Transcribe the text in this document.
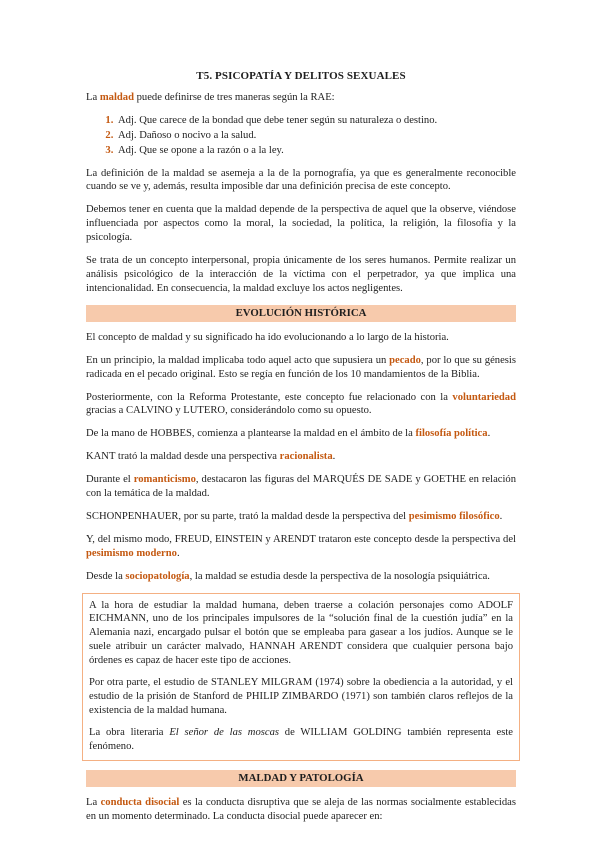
T5. PSICOPATÍA Y DELITOS SEXUALES

La maldad puede definirse de tres maneras según la RAE:

1. Adj. Que carece de la bondad que debe tener según su naturaleza o destino.
2. Adj. Dañoso o nocivo a la salud.
3. Adj. Que se opone a la razón o a la ley.

La definición de la maldad se asemeja a la de la pornografía, ya que es generalmente reconocible cuando se ve y, además, resulta imposible dar una definición precisa de este concepto.

Debemos tener en cuenta que la maldad depende de la perspectiva de aquel que la observe, viéndose influenciada por aspectos como la moral, la sociedad, la política, la religión, la filosofía y la psicología.

Se trata de un concepto interpersonal, propia únicamente de los seres humanos. Permite realizar un análisis psicológico de la interacción de la víctima con el perpetrador, ya que implica una intencionalidad. En consecuencia, la maldad excluye los actos negligentes.

EVOLUCIÓN HISTÓRICA

El concepto de maldad y su significado ha ido evolucionando a lo largo de la historia.

En un principio, la maldad implicaba todo aquel acto que supusiera un pecado, por lo que su génesis radicada en el pecado original. Esto se regía en función de los 10 mandamientos de la Biblia.

Posteriormente, con la Reforma Protestante, este concepto fue relacionado con la voluntariedad gracias a CALVINO y LUTERO, considerándolo como su opuesto.

De la mano de HOBBES, comienza a plantearse la maldad en el ámbito de la filosofía política.

KANT trató la maldad desde una perspectiva racionalista.

Durante el romanticismo, destacaron las figuras del MARQUÉS DE SADE y GOETHE en relación con la temática de la maldad.

SCHONPENHAUER, por su parte, trató la maldad desde la perspectiva del pesimismo filosófico.

Y, del mismo modo, FREUD, EINSTEIN y ARENDT trataron este concepto desde la perspectiva del pesimismo moderno.

Desde la sociopatología, la maldad se estudia desde la perspectiva de la nosología psiquiátrica.

A la hora de estudiar la maldad humana, deben traerse a colación personajes como ADOLF EICHMANN, uno de los principales impulsores de la “solución final de la cuestión judía” en la Alemania nazi, encargado pulsar el botón que se empleaba para gasear a los judíos. Aunque se le suele atribuir un carácter malvado, HANNAH ARENDT considera que cualquier persona bajo órdenes es capaz de hacer este tipo de acciones.

Por otra parte, el estudio de STANLEY MILGRAM (1974) sobre la obediencia a la autoridad, y el estudio de la prisión de Stanford de PHILIP ZIMBARDO (1971) son también claros reflejos de la existencia de la maldad humana.

La obra literaria El señor de las moscas de WILLIAM GOLDING también representa este fenómeno.

MALDAD Y PATOLOGÍA

La conducta disocial es la conducta disruptiva que se aleja de las normas socialmente establecidas en un momento determinado. La conducta disocial puede aparecer en:
